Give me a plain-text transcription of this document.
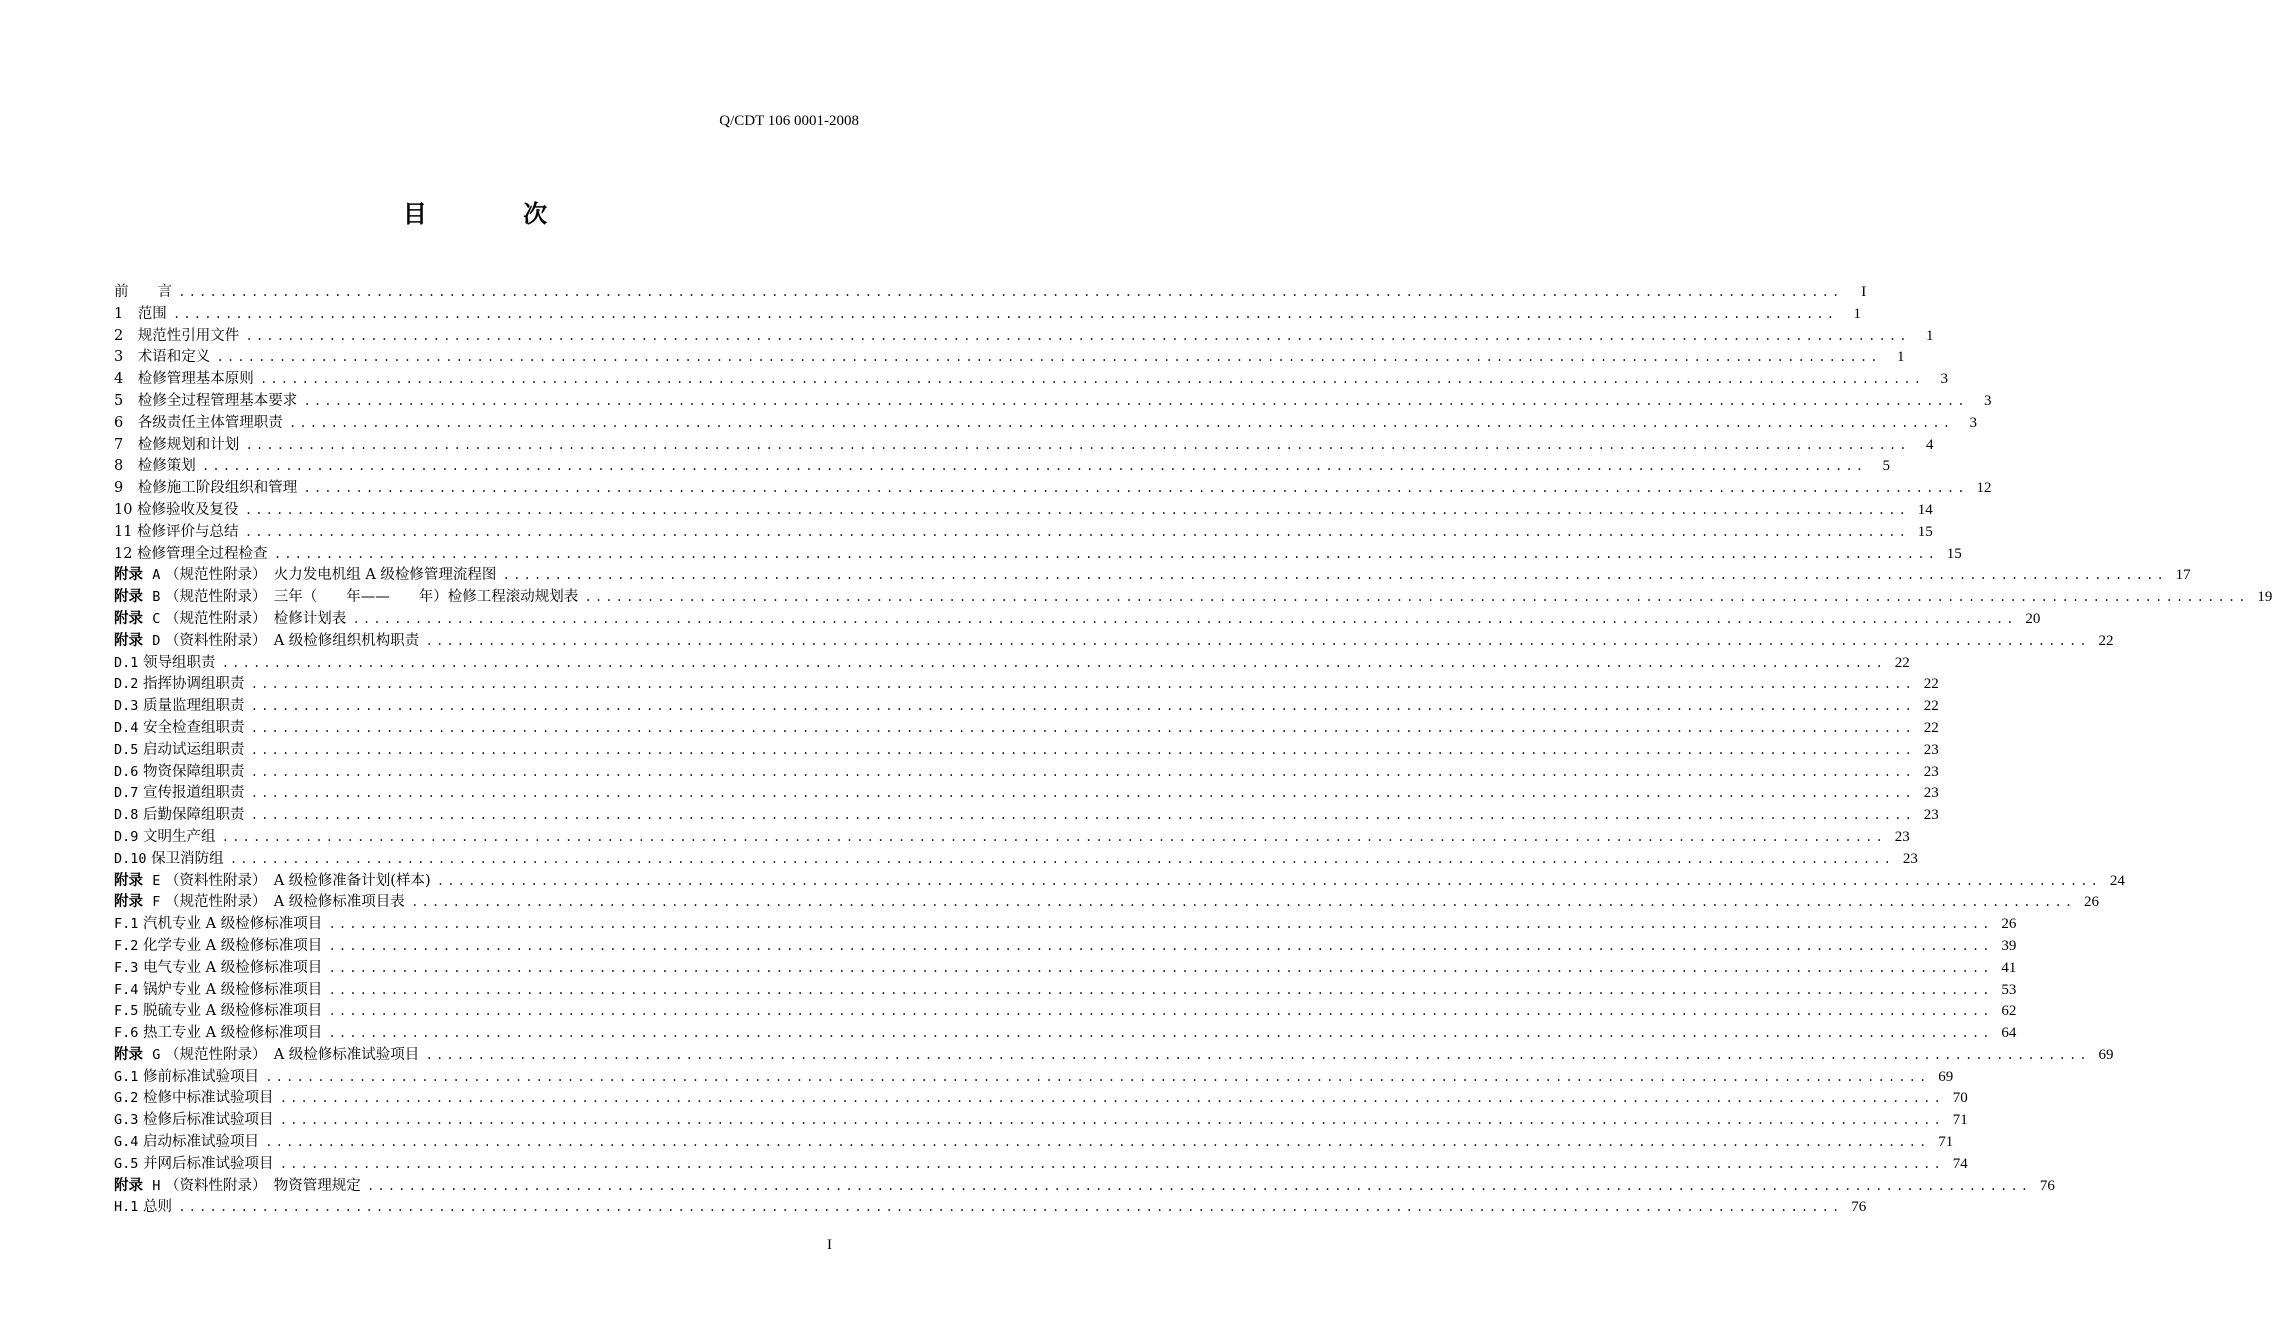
Q/CDT 106 0001-2008
目 次
前　　言 ................................................................................................................................................................	I
1　范围 ................................................................................................................................................................	1
2　规范性引用文件 ................................................................................................................................................................	1
3　术语和定义 ................................................................................................................................................................	1
4　检修管理基本原则 ................................................................................................................................................................	3
5　检修全过程管理基本要求 ................................................................................................................................................................	3
6　各级责任主体管理职责 ................................................................................................................................................................	3
7　检修规划和计划 ................................................................................................................................................................	4
8　检修策划 ................................................................................................................................................................	5
9　检修施工阶段组织和管理 ................................................................................................................................................................ 12
10 检修验收及复役 ................................................................................................................................................................ 14
11 检修评价与总结 ................................................................................................................................................................ 15
12 检修管理全过程检查 ................................................................................................................................................................ 15
附录 A （规范性附录）　火力发电机组 A 级检修管理流程图 ................................................................................................................................................................ 17
附录 B （规范性附录）　三年（　　年——　　年）检修工程滚动规划表 ................................................................................................................................................................ 19
附录 C （规范性附录）　检修计划表 ................................................................................................................................................................ 20
附录 D （资料性附录）　A 级检修组织机构职责 ................................................................................................................................................................ 22
D.1 领导组职责 ................................................................................................................................................................ 22
D.2 指挥协调组职责 ................................................................................................................................................................ 22
D.3 质量监理组职责 ................................................................................................................................................................ 22
D.4 安全检查组职责 ................................................................................................................................................................ 22
D.5 启动试运组职责 ................................................................................................................................................................ 23
D.6 物资保障组职责 ................................................................................................................................................................ 23
D.7 宣传报道组职责 ................................................................................................................................................................ 23
D.8 后勤保障组职责 ................................................................................................................................................................ 23
D.9 文明生产组 ................................................................................................................................................................ 23
D.10 保卫消防组 ................................................................................................................................................................ 23
附录 E （资料性附录）　A 级检修准备计划(样本) ................................................................................................................................................................ 24
附录 F （规范性附录）　A 级检修标准项目表 ................................................................................................................................................................ 26
F.1 汽机专业 A 级检修标准项目 ................................................................................................................................................................ 26
F.2 化学专业 A 级检修标准项目 ................................................................................................................................................................ 39
F.3 电气专业 A 级检修标准项目 ................................................................................................................................................................ 41
F.4 锅炉专业 A 级检修标准项目 ................................................................................................................................................................ 53
F.5 脱硫专业 A 级检修标准项目 ................................................................................................................................................................ 62
F.6 热工专业 A 级检修标准项目 ................................................................................................................................................................ 64
附录 G （规范性附录）　A 级检修标准试验项目 ................................................................................................................................................................ 69
G.1 修前标准试验项目 ................................................................................................................................................................ 69
G.2 检修中标准试验项目 ................................................................................................................................................................ 70
G.3 检修后标准试验项目 ................................................................................................................................................................ 71
G.4 启动标准试验项目 ................................................................................................................................................................ 71
G.5 并网后标准试验项目 ................................................................................................................................................................ 74
附录 H （资料性附录）　物资管理规定 ................................................................................................................................................................ 76
H.1 总则 ................................................................................................................................................................ 76
I
